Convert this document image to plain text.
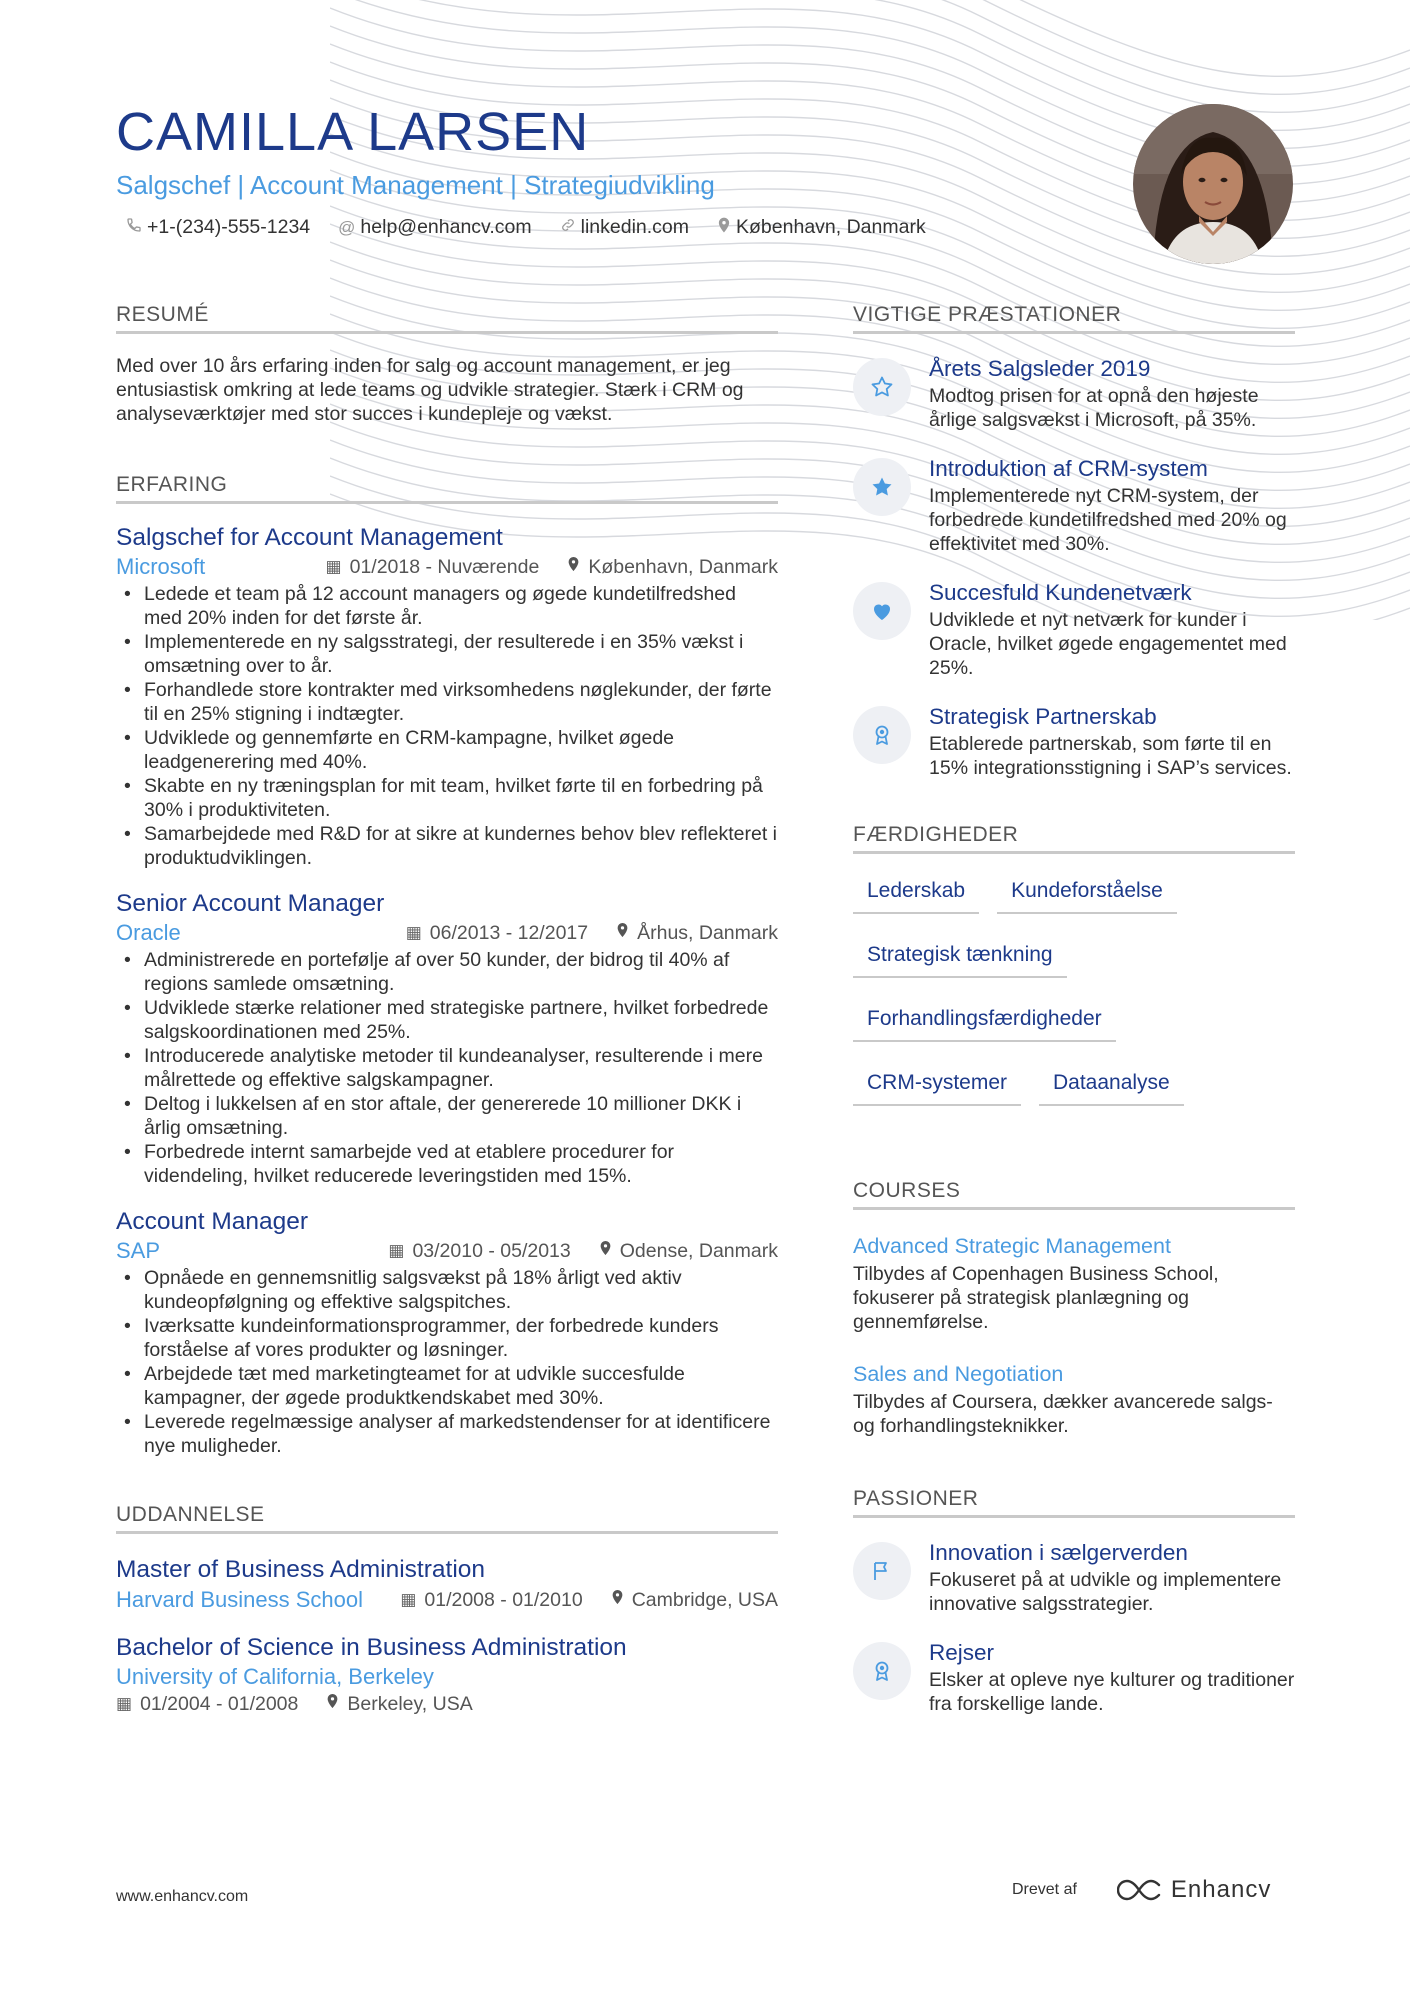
CAMILLA LARSEN
Salgschef | Account Management | Strategiudvikling
+1-(234)-555-1234 @ help@enhancv.com	linkedin.com København, Danmark
RESUMÉ
Med over 10 års erfaring inden for salg og account management, er jeg entusiastisk omkring at lede teams og udvikle strategier. Stærk i CRM og analyseværktøjer med stor succes i kundepleje og vækst.
ERFARING
Salgschef for Account Management
Microsoft	▦ 01/2018 - Nuværende	København, Danmark
• Ledede et team på 12 account managers og øgede kundetilfredshed med 20% inden for det første år.
• Implementerede en ny salgsstrategi, der resulterede i en 35% vækst i omsætning over to år.
• Forhandlede store kontrakter med virksomhedens nøglekunder, der førte til en 25% stigning i indtægter.
• Udviklede og gennemførte en CRM-kampagne, hvilket øgede leadgenerering med 40%.
• Skabte en ny træningsplan for mit team, hvilket førte til en forbedring på 30% i produktiviteten.
• Samarbejdede med R&D for at sikre at kundernes behov blev reflekteret i produktudviklingen.
Senior Account Manager
Oracle	▦ 06/2013 - 12/2017	Århus, Danmark
• Administrerede en portefølje af over 50 kunder, der bidrog til 40% af regions samlede omsætning.
• Udviklede stærke relationer med strategiske partnere, hvilket forbedrede salgskoordinationen med 25%.
• Introducerede analytiske metoder til kundeanalyser, resulterende i mere målrettede og effektive salgskampagner.
• Deltog i lukkelsen af en stor aftale, der genererede 10 millioner DKK i årlig omsætning.
• Forbedrede internt samarbejde ved at etablere procedurer for videndeling, hvilket reducerede leveringstiden med 15%.
Account Manager
SAP	▦ 03/2010 - 05/2013	Odense, Danmark
• Opnåede en gennemsnitlig salgsvækst på 18% årligt ved aktiv kundeopfølgning og effektive salgspitches.
• Iværksatte kundeinformationsprogrammer, der forbedrede kunders forståelse af vores produkter og løsninger.
• Arbejdede tæt med marketingteamet for at udvikle succesfulde kampagner, der øgede produktkendskabet med 30%.
• Leverede regelmæssige analyser af markedstendenser for at identificere nye muligheder.
UDDANNELSE
Master of Business Administration
Harvard Business School ▦ 01/2008 - 01/2010	Cambridge, USA
Bachelor of Science in Business Administration
University of California, Berkeley
▦ 01/2004 - 01/2008	Berkeley, USA
VIGTIGE PRÆSTATIONER
Årets Salgsleder 2019
Modtog prisen for at opnå den højeste årlige salgsvækst i Microsoft, på 35%.
Introduktion af CRM-system
Implementerede nyt CRM-system, der forbedrede kundetilfredshed med 20% og effektivitet med 30%.
Succesfuld Kundenetværk
Udviklede et nyt netværk for kunder i Oracle, hvilket øgede engagementet med 25%.
Strategisk Partnerskab
Etablerede partnerskab, som førte til en 15% integrationsstigning i SAP’s services.
FÆRDIGHEDER
Lederskab	Kundeforståelse
Strategisk tænkning
Forhandlingsfærdigheder
CRM-systemer	Dataanalyse
COURSES
Advanced Strategic Management
Tilbydes af Copenhagen Business School, fokuserer på strategisk planlægning og gennemførelse.
Sales and Negotiation
Tilbydes af Coursera, dækker avancerede salgs- og forhandlingsteknikker.
PASSIONER
Innovation i sælgerverden
Fokuseret på at udvikle og implementere innovative salgsstrategier.
Rejser
Elsker at opleve nye kulturer og traditioner fra forskellige lande.
www.enhancv.com	Drevet af	Enhancv
